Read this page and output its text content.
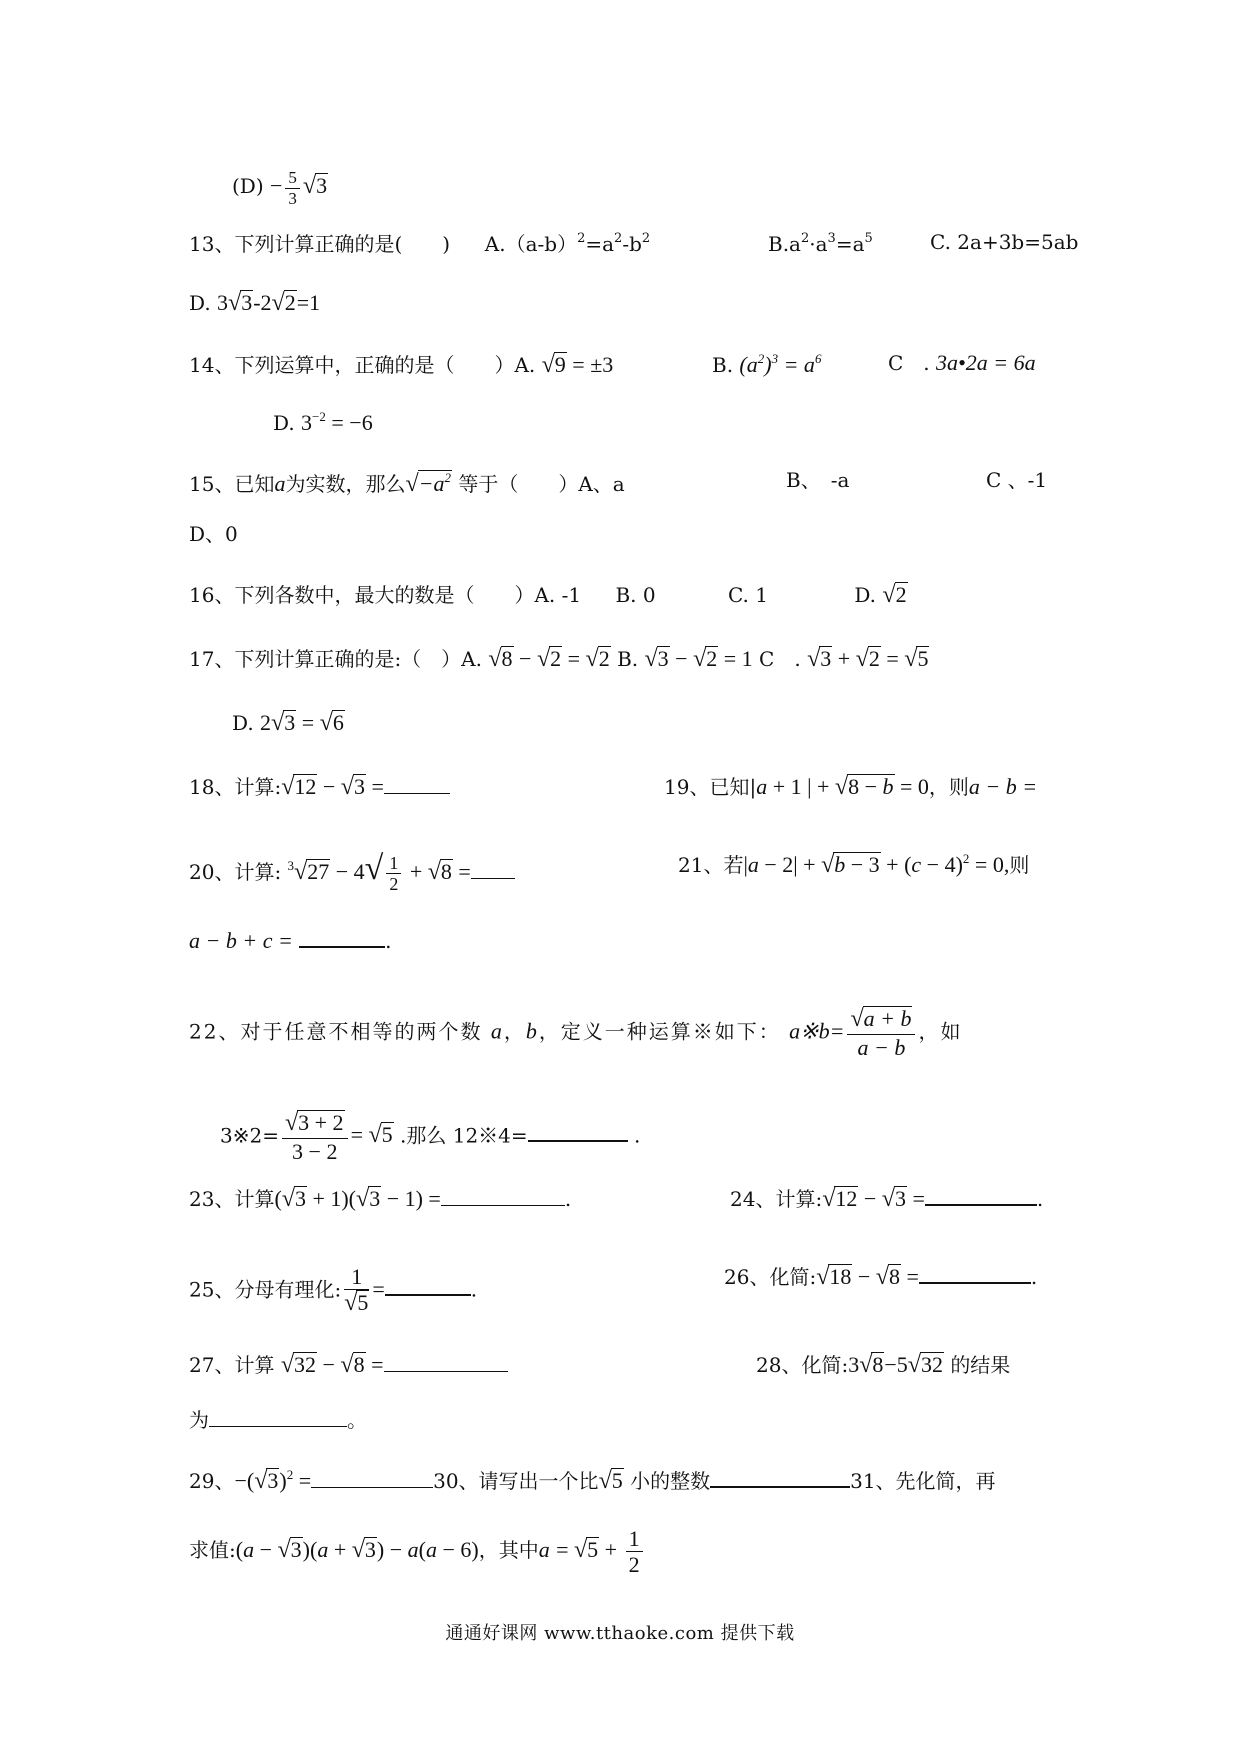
$(D) - \frac{5}{3} √3$
13、下列计算正确的是(　　) $A.(a-b)^2=a^2-b^2$	$B.a^2\cdot a^3=a^5$	C. 2a+3b=5ab
D. 3√3-2√2=1
14、下列运算中，正确的是（　　）A. √9 = ±3	B. $(a^2)^3 = a^6$	C　. 3a•2a = 6a
D. $3^{-2} = -6$
15、已知a为实数，那么$√-a^2$ 等于（　　）A、a	B、　-a	C 、-1
D、0
16、下列各数中，最大的数是（　　）A. -1 B. 0	C. 1	D. √2
17、下列计算正确的是:（　）A. √8 − √2 = √2 B. √3 − √2 = 1 C　. √3 + √2 = √5
D. 2√3 = √6
18、计算:√12 − √3 =	19、已知|a + 1 | + √8 − b = 0，则a − b =
20、计算: $^3√27 - 4√ \frac{1}{2} + √8$ =	21、若$|a - 2| + √b - 3 + (c - 4)^2 = 0$,则
a − b + c =	.
22、对于任意不相等的两个数 a，b，定义一种运算※如下： a※b= $\frac{√a + b}{a - b}$ ，如
3※2= $\frac{√3 + 2}{3 - 2} = √5$ .那么 12※4=	.
23、计算(√3 + 1)(√3 − 1) =	.	24、计算:√12 − √3 =	.
25、分母有理化: $\frac{1}{√5}$ =	.
26、化简:√18 − √8 =	.
27、计算 √32 − √8 =	28、化简:3√8−5√32 的结果
为	。
29、$-(√3)^2$ =	30、请写出一个比√5 小的整数	31、先化简，再
求值:(a − √3)(a + √3) − a(a − 6)，其中$a = √5 + \frac{1}{2}$
通通好课网 www.tthaoke.com 提供下载
